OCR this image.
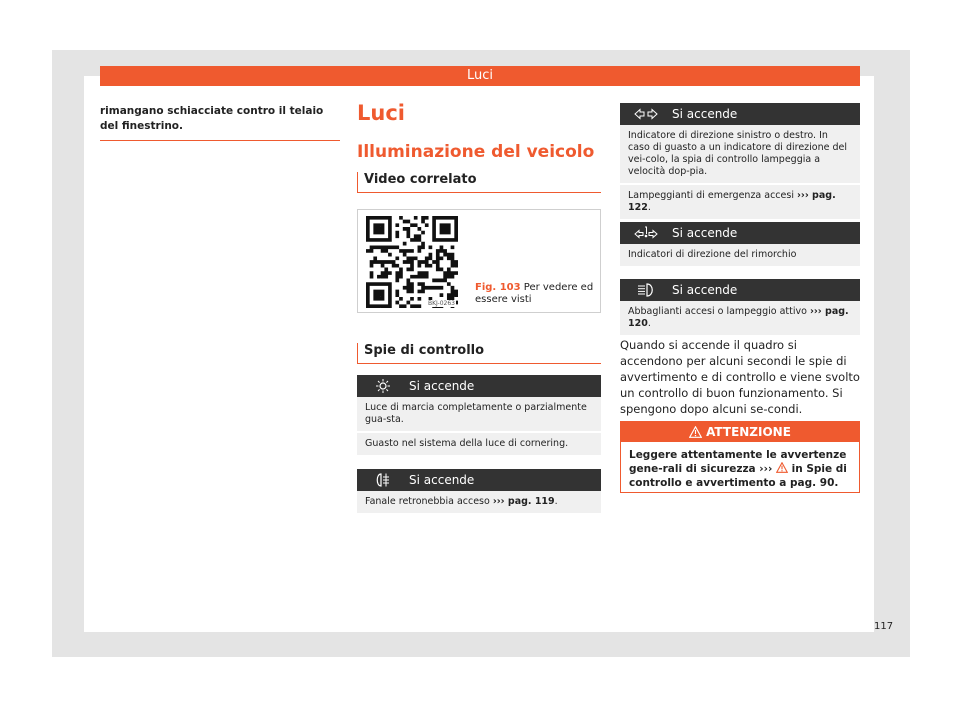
Luci
rimangano schiacciate contro il telaio del finestrino.
Luci
Illuminazione del veicolo
Video correlato
BKJ-0263
Fig. 103 Per vedere ed essere visti
Spie di controllo
Si accende
Luce di marcia completamente o parzialmente gua-sta.
Guasto nel sistema della luce di cornering.
Si accende
Fanale retronebbia acceso ››› pag. 119.
Si accende
Indicatore di direzione sinistro o destro. In caso di guasto a un indicatore di direzione del vei-colo, la spia di controllo lampeggia a velocità dop-pia.
Lampeggianti di emergenza accesi ››› pag. 122.
Si accende
Indicatori di direzione del rimorchio
Si accende
Abbaglianti accesi o lampeggio attivo ››› pag. 120.
Quando si accende il quadro si accendono per alcuni secondi le spie di avvertimento e di controllo e viene svolto un controllo di buon funzionamento. Si spengono dopo alcuni se-condi.
ATTENZIONE
Leggere attentamente le avvertenze gene-rali di sicurezza ›››  in Spie di controllo e avvertimento a pag. 90.
117
